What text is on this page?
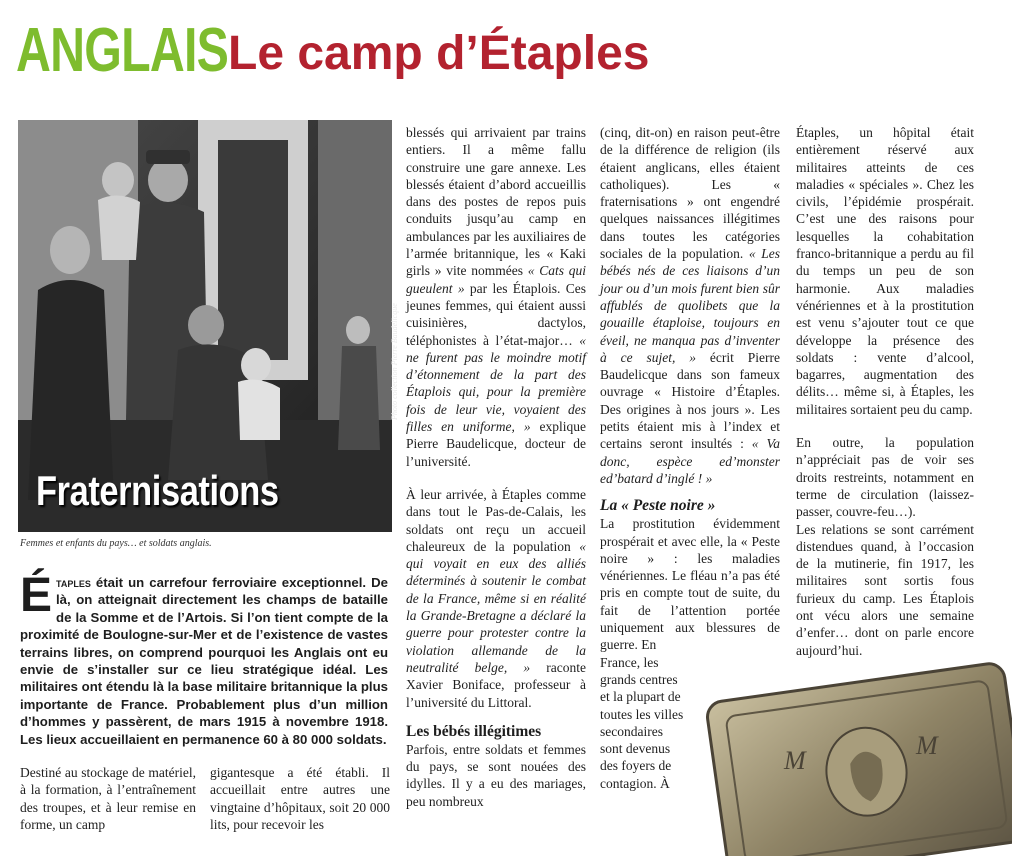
ANGLAIS Le camp d’Étaples
Photo collection Pierre Baudelicque
Fraternisations
Femmes et enfants du pays… et soldats anglais.
Étaples était un carrefour ferroviaire exceptionnel. De là, on atteignait directement les champs de bataille de la Somme et de l’Artois. Si l’on tient compte de la proximité de Boulogne-sur-Mer et de l’existence de vastes terrains libres, on comprend pourquoi les Anglais ont eu envie de s’installer sur ce lieu stratégique idéal. Les militaires ont étendu là la base militaire britannique la plus importante de France. Probablement plus d’un million d’hommes y passèrent, de mars 1915 à novembre 1918. Les lieux accueillaient en permanence 60 à 80 000 soldats.

Destiné au stockage de matériel, à la formation, à l’entraînement des troupes, et à leur remise en forme, un camp

gigantesque a été établi. Il accueillait entre autres une vingtaine d’hôpitaux, soit 20 000 lits, pour recevoir les

blessés qui arrivaient par trains entiers. Il a même fallu construire une gare annexe. Les blessés étaient d’abord accueillis dans des postes de repos puis conduits jusqu’au camp en ambulances par les auxiliaires de l’armée britannique, les « Kaki girls » vite nommées « Cats qui gueulent » par les Étaplois. Ces jeunes femmes, qui étaient aussi cuisinières, dactylos, téléphonistes à l’état-major… « ne furent pas le moindre motif d’étonnement de la part des Étaplois qui, pour la première fois de leur vie, voyaient des filles en uniforme, » explique Pierre Baudelicque, docteur de l’université.

À leur arrivée, à Étaples comme dans tout le Pas-de-Calais, les soldats ont reçu un accueil chaleureux de la population « qui voyait en eux des alliés déterminés à soutenir le combat de la France, même si en réalité la Grande-Bretagne a déclaré la guerre pour protester contre la violation allemande de la neutralité belge, » raconte Xavier Boniface, professeur à l’université du Littoral.

Les bébés illégitimes

Parfois, entre soldats et femmes du pays, se sont nouées des idylles. Il y a eu des mariages, peu nombreux

(cinq, dit-on) en raison peut-être de la différence de religion (ils étaient anglicans, elles étaient catholiques). Les « fraternisations » ont engendré quelques naissances illégitimes dans toutes les catégories sociales de la population. « Les bébés nés de ces liaisons d’un jour ou d’un mois furent bien sûr affublés de quolibets que la gouaille étaploise, toujours en éveil, ne manqua pas d’inventer à ce sujet, » écrit Pierre Baudelicque dans son fameux ouvrage « Histoire d’Étaples. Des origines à nos jours ». Les petits étaient mis à l’index et certains seront insultés : « Va donc, espèce ed’monster ed’batard d’inglé ! »

La « Peste noire »

La prostitution évidemment prospérait et avec elle, la « Peste noire » : les maladies vénériennes. Le fléau n’a pas été pris en compte tout de suite, du fait de l’attention portée uniquement aux blessures de guerre. En

France, les grands centres et la plupart de toutes les villes secondaires sont devenus des foyers de contagion. À

Étaples, un hôpital était entièrement réservé aux militaires atteints de ces maladies « spéciales ». Chez les civils, l’épidémie prospérait. C’est une des raisons pour lesquelles la cohabitation franco-britannique a perdu au fil du temps un peu de son harmonie. Aux maladies vénériennes et à la prostitution est venu s’ajouter tout ce que développe la présence des soldats : vente d’alcool, bagarres, augmentation des délits… même si, à Étaples, les militaires sortaient peu du camp.

En outre, la population n’appréciait pas de voir ses droits restreints, notamment en terme de circulation (laissez-passer, couvre-feu…).

Les relations se sont carrément distendues quand, à l’occasion de la mutinerie, fin 1917, les militaires sont sortis fous furieux du camp. Les Étaplois ont vécu alors une semaine d’enfer… dont on parle encore aujourd’hui.

M
M
